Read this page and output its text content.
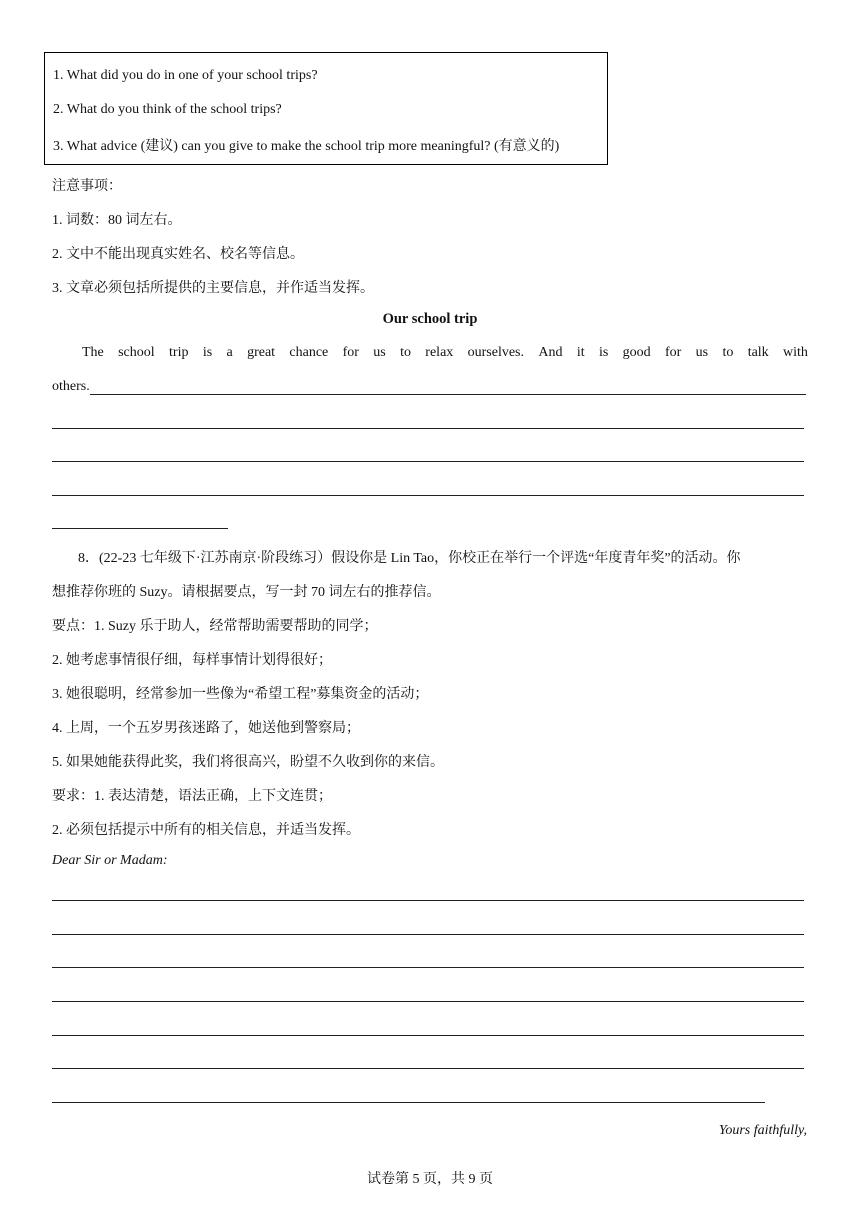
1. What did you do in one of your school trips?
2. What do you think of the school trips?
3. What advice (建议) can you give to make the school trip more meaningful? (有意义的)
注意事项：
1. 词数：80 词左右。
2. 文中不能出现真实姓名、校名等信息。
3. 文章必须包括所提供的主要信息，并作适当发挥。
Our school trip
The school trip is a great chance for us to relax ourselves. And it is good for us to talk with
others.
8．(22-23 七年级下·江苏南京·阶段练习）假设你是 Lin Tao，你校正在举行一个评选“年度青年奖”的活动。你
想推荐你班的 Suzy。请根据要点，写一封 70 词左右的推荐信。
要点：1. Suzy 乐于助人，经常帮助需要帮助的同学；
2. 她考虑事情很仔细，每样事情计划得很好；
3. 她很聪明，经常参加一些像为“希望工程”募集资金的活动；
4. 上周，一个五岁男孩迷路了，她送他到警察局；
5. 如果她能获得此奖，我们将很高兴，盼望不久收到你的来信。
要求：1. 表达清楚，语法正确，上下文连贯；
2. 必须包括提示中所有的相关信息，并适当发挥。
Dear Sir or Madam:
Yours faithfully,
试卷第 5 页，共 9 页
